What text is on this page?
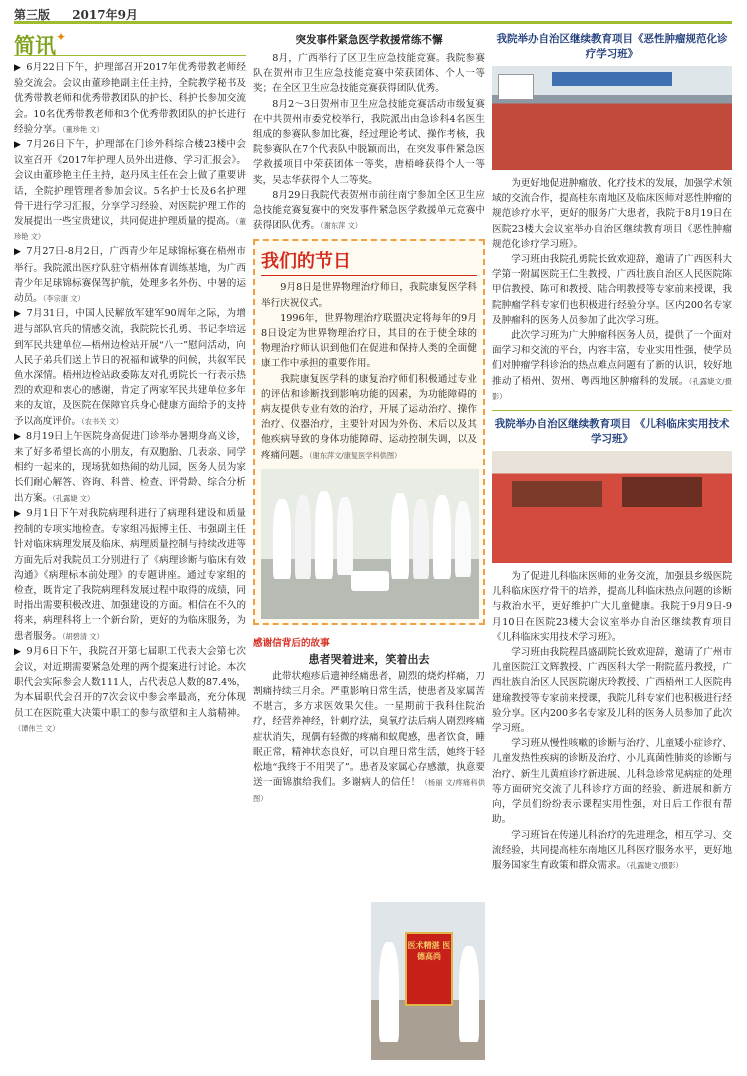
第三版 2017年9月
简讯✦

▶ 6月22日下午，护理部召开2017年优秀带教老师经验交流会。会议由董珍艳副主任主持，全院教学秘书及优秀带教老师和优秀带教团队的护长、科护长参加交流会。10名优秀带教老师和3个优秀带教团队的护长进行经验分享。（董珍艳 文）

▶ 7月26日下午，护理部在门诊外科综合楼23楼中会议室召开《2017年护理人员外出进修、学习汇报会》。会议由董珍艳主任主持，赵丹凤主任在会上做了重要讲话，全院护理管理者参加会议。5名护士长及6名护理骨干进行学习汇报，分享学习经验、对医院护理工作的发展提出一些宝贵建议，共同促进护理质量的提高。（董珍艳 文）

▶ 7月27日-8月2日，广西青少年足球锦标赛在梧州市举行。我院派出医疗队驻守梧州体育训练基地，为广西青少年足球锦标赛保驾护航，处理多名外伤、中暑的运动员。（李宗康 文）

▶ 7月31日，中国人民解放军建军90周年之际，为增进与部队官兵的情感交流，我院院长孔勇、书记李培远到军民共建单位—梧州边检站开展“八一”慰问活动，向人民子弟兵们送上节日的祝福和诚挚的问候，共叙军民鱼水深情。梧州边检站政委陈友对孔勇院长一行表示热烈的欢迎和衷心的感谢，肯定了两家军民共建单位多年来的友谊，及医院在保障官兵身心健康方面给予的支持予以高度评价。（农书关 文）

▶ 8月19日上午医院身高促进门诊举办暑期身高义诊，来了好多希望长高的小朋友，有双胞胎、几表亲、同学相约一起来的，现场犹如热闹的幼儿园，医务人员为家长们耐心解答、咨询、科普、检查、评骨龄、综合分析出方案。（孔露婕 文）

▶ 9月1日下午对我院病理科进行了病理科建设和质量控制的专项实地检查。专家组冯振博主任、韦强副主任针对临床病理发展及临床、病理质量控制与持续改进等方面先后对我院员工分别进行了《病理诊断与临床有效沟通》《病理标本前处理》的专题讲座。通过专家组的检查，既肯定了我院病理科发展过程中取得的成绩，同时指出需要积极改进、加强建设的方面。相信在不久的将来，病理科将上一个新台阶，更好的为临床服务，为患者服务。（胡碧清 文）

▶ 9月6日下午，我院召开第七届职工代表大会第七次会议，对近期需要紧急处理的两个提案进行讨论。本次职代会实际参会人数111人，占代表总人数的87.4%，为本届职代会召开的7次会议中参会率最高，充分体现员工在医院重大决策中职工的参与欲望和主人翁精神。（谭伟兰 文）

突发事件紧急医学救援常练不懈

8月，广西举行了区卫生应急技能竞赛。我院参赛队在贺州市卫生应急技能竞赛中荣获团体、个人一等奖；在全区卫生应急技能竞赛获得团队优秀。

8月2～3日贺州市卫生应急技能竞赛活动市级复赛在中共贺州市委党校举行，我院派出由急诊科4名医生组成的参赛队参加比赛，经过理论考试、操作考核，我院参赛队在7个代表队中脱颖而出，在突发事件紧急医学救援项目中荣获团体一等奖，唐梧峰获得个人一等奖，吴志华获得个人二等奖。

8月29日我院代表贺州市前往南宁参加全区卫生应急技能竞赛复赛中的突发事件紧急医学救援单元竞赛中获得团队优秀。（谢东萍 文）

我们的节日

9月8日是世界物理治疗师日，我院康复医学科举行庆祝仪式。

1996年，世界物理治疗联盟决定将每年的9月8日设定为世界物理治疗日，其目的在于使全球的物理治疗师认识到他们在促进和保持人类的全面健康工作中承担的重要作用。

我院康复医学科的康复治疗师们积极通过专业的评估和诊断找到影响功能的因素，为功能障碍的病友提供专业有效的治疗，开展了运动治疗、操作治疗、仪器治疗，主要针对因为外伤、术后以及其他疾病导致的身体功能障碍、运动控制失调，以及疼痛问题。（谢东萍文/康复医学科供图）

感谢信背后的故事
患者哭着进来，笑着出去

此带状疱疹后遗神经痛患者，剧烈的烧灼样痛，刀割痛持续三月余。严重影响日常生活，使患者及家属苦不堪言，多方求医效果欠佳。一星期前于我科住院治疗，经营养神经，针刺疗法，臭氧疗法后病人剧烈疼痛症状消失，现偶有轻微的疼痛和蚁爬感，患者饮食，睡眠正常，精神状态良好，可以自理日常生活，她终于轻松地“我终于不用哭了”。患者及家属心存感激，执意要送一面锦旗给我们。多谢病人的信任！（杨丽 文/疼痛科供图）

医术精湛 医德高尚
我院举办自治区继续教育项目《恶性肿瘤规范化诊疗学习班》

为更好地促进肿瘤放、化疗技术的发展，加强学术领域的交流合作，提高桂东南地区及临床医师对恶性肿瘤的规范诊疗水平，更好的服务广大患者，我院于8月19日在医院23楼大会议室举办自治区继续教育项目《恶性肿瘤规范化诊疗学习班》。

学习班由我院孔勇院长致欢迎辞，邀请了广西医科大学第一附属医院王仁生教授、广西壮族自治区人民医院陈甲信教授、陈可和教授、陆合明教授等专家前来授课，我院肿瘤学科专家们也积极进行经验分享。区内200名专家及肿瘤科的医务人员参加了此次学习班。

此次学习班为广大肿瘤科医务人员，提供了一个面对面学习和交流的平台，内容丰富，专业实用性强，使学员们对肿瘤学科诊治的热点难点问题有了新的认识，较好地推动了梧州、贺州、粤西地区肿瘤科的发展。（孔露婕文/摄影）

我院举办自治区继续教育项目 《儿科临床实用技术学习班》

为了促进儿科临床医师的业务交流，加强县乡级医院儿科临床医疗骨干的培养，提高儿科临床热点问题的诊断与救治水平，更好维护广大儿童健康。我院于9月9日-9月10日在医院23楼大会议室举办自治区继续教育项目《儿科临床实用技术学习班》。

学习班由我院程昌盛副院长致欢迎辞，邀请了广州市儿童医院江文辉教授、广西医科大学一附院蓝丹教授，广西壮族自治区人民医院谢庆玲教授、广西梧州工人医院冉建瑜教授等专家前来授课，我院儿科专家们也积极进行经验分享。区内200多名专家及儿科的医务人员参加了此次学习班。

学习班从慢性咳嗽的诊断与治疗、儿童矮小症诊疗、儿童发热性疾病的诊断及治疗、小儿真菌性肺炎的诊断与治疗、新生儿黄疸诊疗新进展、儿科急诊常见病症的处理等方面研究交流了儿科诊疗方面的经验、新进展和新方向，学员们纷纷表示课程实用性强，对日后工作很有帮助。

学习班旨在传递儿科治疗的先进理念，相互学习、交流经验，共同提高桂东南地区儿科医疗服务水平，更好地服务国家生育政策和群众需求。（孔露婕文/摄影）
